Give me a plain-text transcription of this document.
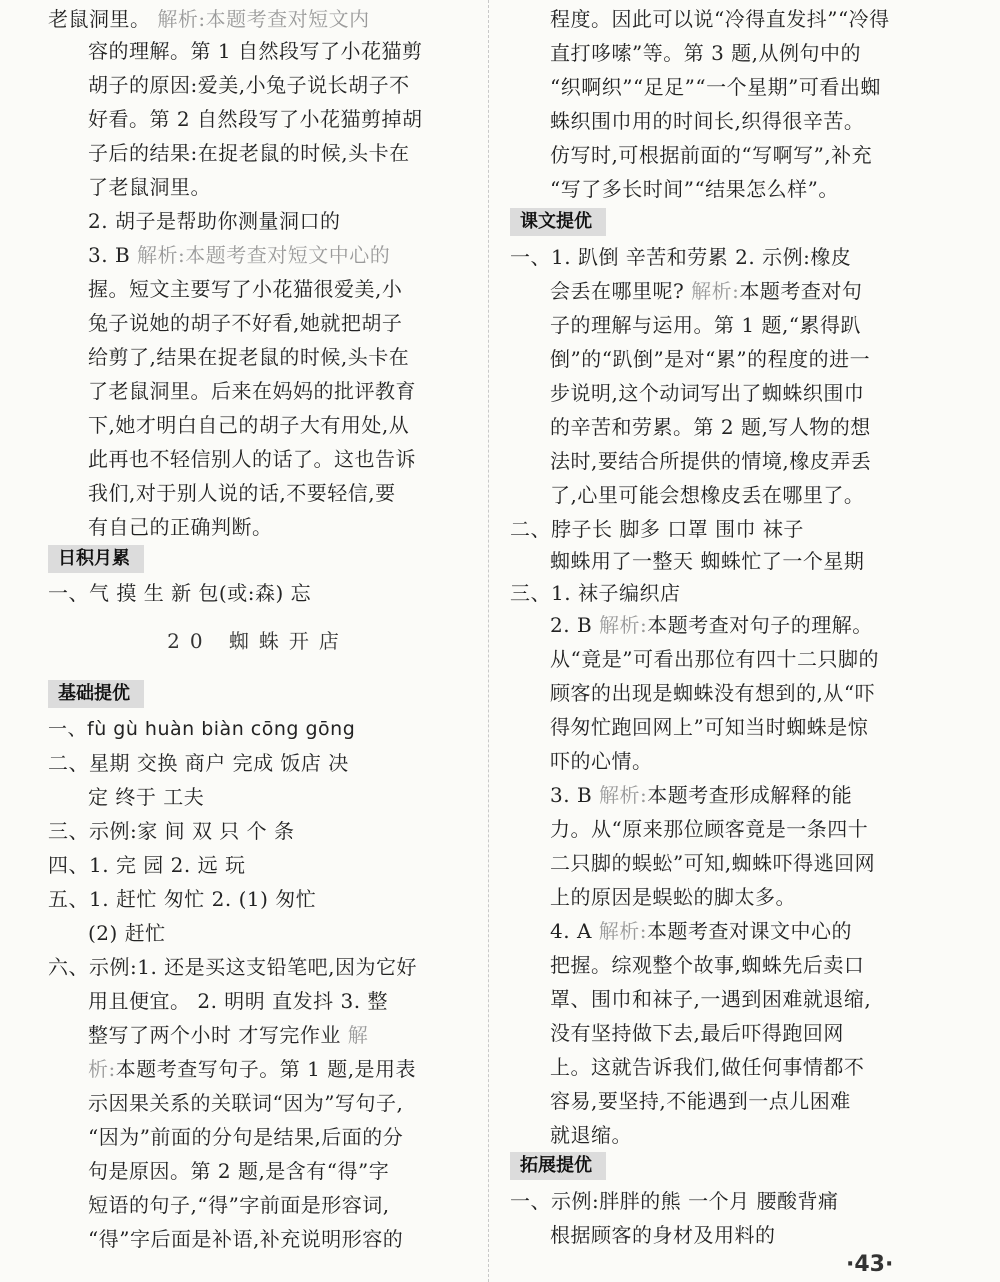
老鼠洞里。 解析:本题考查对短文内
容的理解。第 1 自然段写了小花猫剪
胡子的原因:爱美,小兔子说长胡子不
好看。第 2 自然段写了小花猫剪掉胡
子后的结果:在捉老鼠的时候,头卡在
了老鼠洞里。
2. 胡子是帮助你测量洞口的
3. B 解析:本题考查对短文中心的
握。短文主要写了小花猫很爱美,小
兔子说她的胡子不好看,她就把胡子
给剪了,结果在捉老鼠的时候,头卡在
了老鼠洞里。后来在妈妈的批评教育
下,她才明白自己的胡子大有用处,从
此再也不轻信别人的话了。这也告诉
我们,对于别人说的话,不要轻信,要
有自己的正确判断。
日积月累
一、气 摸 生 新 包(或:森) 忘
20 蜘蛛开店
基础提优
一、fù gù huàn biàn cōng gōng
二、星期 交换 商户 完成 饭店 决
定 终于 工夫
三、示例:家 间 双 只 个 条
四、1. 完 园 2. 远 玩
五、1. 赶忙 匆忙 2. (1) 匆忙
(2) 赶忙
六、示例:1. 还是买这支铅笔吧,因为它好
用且便宜。 2. 明明 直发抖 3. 整
整写了两个小时 才写完作业 解
析:本题考查写句子。第 1 题,是用表
示因果关系的关联词“因为”写句子,
“因为”前面的分句是结果,后面的分
句是原因。第 2 题,是含有“得”字
短语的句子,“得”字前面是形容词,
“得”字后面是补语,补充说明形容的
程度。因此可以说“冷得直发抖”“冷得
直打哆嗦”等。第 3 题,从例句中的
“织啊织”“足足”“一个星期”可看出蜘
蛛织围巾用的时间长,织得很辛苦。
仿写时,可根据前面的“写啊写”,补充
“写了多长时间”“结果怎么样”。
课文提优
一、1. 趴倒 辛苦和劳累 2. 示例:橡皮
会丢在哪里呢? 解析:本题考查对句
子的理解与运用。第 1 题,“累得趴
倒”的“趴倒”是对“累”的程度的进一
步说明,这个动词写出了蜘蛛织围巾
的辛苦和劳累。第 2 题,写人物的想
法时,要结合所提供的情境,橡皮弄丢
了,心里可能会想橡皮丢在哪里了。
二、脖子长 脚多 口罩 围巾 袜子
蜘蛛用了一整天 蜘蛛忙了一个星期
三、1. 袜子编织店
2. B 解析:本题考查对句子的理解。
从“竟是”可看出那位有四十二只脚的
顾客的出现是蜘蛛没有想到的,从“吓
得匆忙跑回网上”可知当时蜘蛛是惊
吓的心情。
3. B 解析:本题考查形成解释的能
力。从“原来那位顾客竟是一条四十
二只脚的蜈蚣”可知,蜘蛛吓得逃回网
上的原因是蜈蚣的脚太多。
4. A 解析:本题考查对课文中心的
把握。综观整个故事,蜘蛛先后卖口
罩、围巾和袜子,一遇到困难就退缩,
没有坚持做下去,最后吓得跑回网
上。这就告诉我们,做任何事情都不
容易,要坚持,不能遇到一点儿困难
就退缩。
拓展提优
一、示例:胖胖的熊 一个月 腰酸背痛
根据顾客的身材及用料的
·43·
